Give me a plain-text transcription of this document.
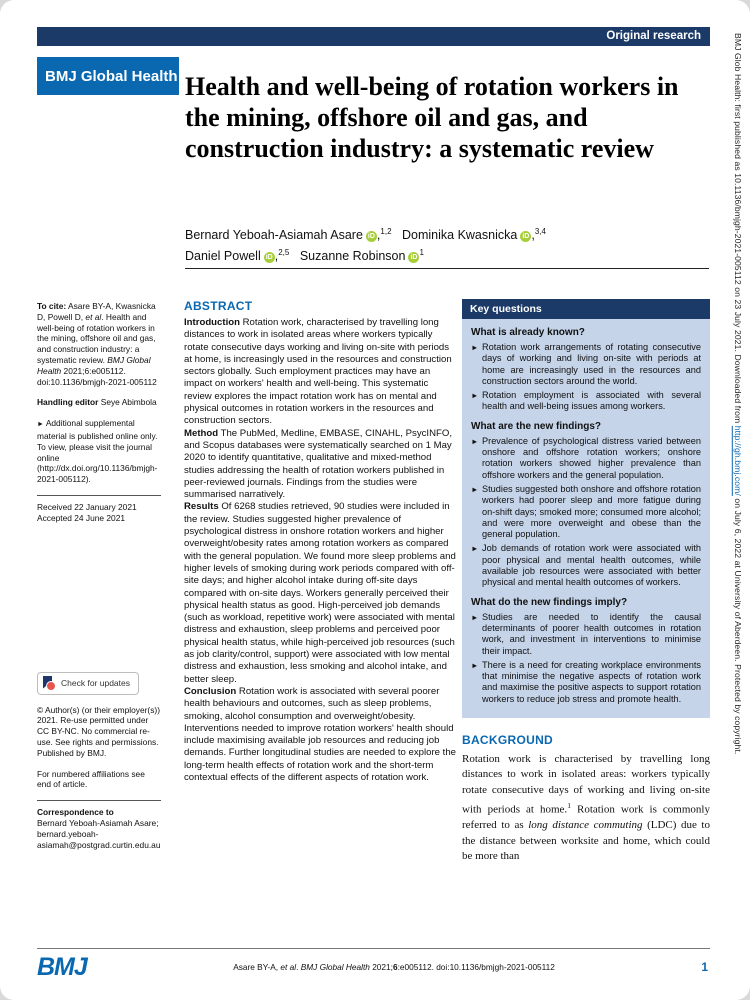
Original research
BMJ Global Health Health and well-being of rotation workers in the mining, offshore oil and gas, and construction industry: a systematic review
Bernard Yeboah-Asiamah Asare iD ,$^{1,2}$ Dominika Kwasnicka iD ,$^{3,4}$ Daniel Powell iD ,$^{2,5}$ Suzanne Robinson $iD^1$

To cite: Asare BY-A, Kwasnicka D, Powell D, et al. Health and well-being of rotation workers in the mining, offshore oil and gas, and construction industry: a systematic review. BMJ Global Health 2021;6:e005112. doi:10.1136/bmjgh-2021-005112

Handling editor Seye Abimbola

► Additional supplemental material is published online only. To view, please visit the journal online (http://dx.doi.org/10.1136/bmjgh-2021-005112).

Received 22 January 2021
Accepted 24 June 2021

Check for updates

© Author(s) (or their employer(s)) 2021. Re-use permitted under CC BY-NC. No commercial re-use. See rights and permissions. Published by BMJ.

For numbered affiliations see end of article.

Correspondence to
Bernard Yeboah-Asiamah Asare; bernard.yeboah-asiamah@postgrad.curtin.edu.au

ABSTRACT

Introduction Rotation work, characterised by travelling long distances to work in isolated areas where workers typically rotate consecutive days working and living on-site with periods at home, is increasingly used in the resources and construction sectors globally. Such employment practices may have an impact on workers' health and well-being. This systematic review explores the impact rotation work has on mental and physical outcomes in rotation workers in the resources and construction sectors.

Method The PubMed, Medline, EMBASE, CINAHL, PsycINFO, and Scopus databases were systematically searched on 1 May 2020 to identify quantitative, qualitative and mixed-method studies addressing the health of rotation workers published in peer-reviewed journals. Findings from the studies were summarised narratively.

Results Of 6268 studies retrieved, 90 studies were included in the review. Studies suggested higher prevalence of psychological distress in onshore rotation workers and higher overweight/obesity rates among rotation workers as compared with the general population. We found more sleep problems and higher levels of smoking during work periods compared with off-site days; and higher alcohol intake during off-site days compared with on-site days. Workers generally perceived their physical health status as good. High-perceived job demands (such as workload, repetitive work) were associated with mental distress and exhaustion, sleep problems and perceived poor physical health status, while high-perceived job resources (such as job clarity/control, support) were associated with low mental distress and exhaustion, less smoking and alcohol intake, and better sleep.

Conclusion Rotation work is associated with several poorer health behaviours and outcomes, such as sleep problems, smoking, alcohol consumption and overweight/obesity. Interventions needed to improve rotation workers' health should include maximising available job resources and reducing job demands. Further longitudinal studies are needed to explore the long-term health effects of rotation work and the short-term contextual effects of the different aspects of rotation work.

Key questions
What is already known?
► Rotation work arrangements of rotating consecutive days of working and living on-site with periods at home are increasingly used in the resources and construction sectors around the world.
► Rotation employment is associated with several health and well-being issues among workers.
What are the new findings?
► Prevalence of psychological distress varied between onshore and offshore rotation workers; onshore rotation workers showed higher prevalence than offshore workers and the general population.
► Studies suggested both onshore and offshore rotation workers had poorer sleep and more fatigue during on-shift days; smoked more; consumed more alcohol; and were more overweight and obese than the general population.
► Job demands of rotation work were associated with poor physical and mental health outcomes, while available job resources were associated with better physical and mental health outcomes of workers.
What do the new findings imply?
► Studies are needed to identify the causal determinants of poorer health outcomes in rotation work, and investment in interventions to minimise their impact.
► There is a need for creating workplace environments that minimise the negative aspects of rotation work and maximise the positive aspects to support rotation workers to reduce job stress and promote health.
BACKGROUND

Rotation work is characterised by travelling long distances to work in isolated areas: workers typically rotate consecutive days of working and living on-site with periods at home.$^1$ Rotation work is commonly referred to as long distance commuting (LDC) due to the distance between worksite and home, which could be more than

BMJ Glob Health: first published as 10.1136/bmjgh-2021-005112 on 23 July 2021. Downloaded from http://gh.bmj.com/ on July 6, 2022 at University of Aberdeen. Protected by copyright.
BMJ	Asare BY-A, et al. BMJ Global Health 2021;6:e005112. doi:10.1136/bmjgh-2021-005112	1
